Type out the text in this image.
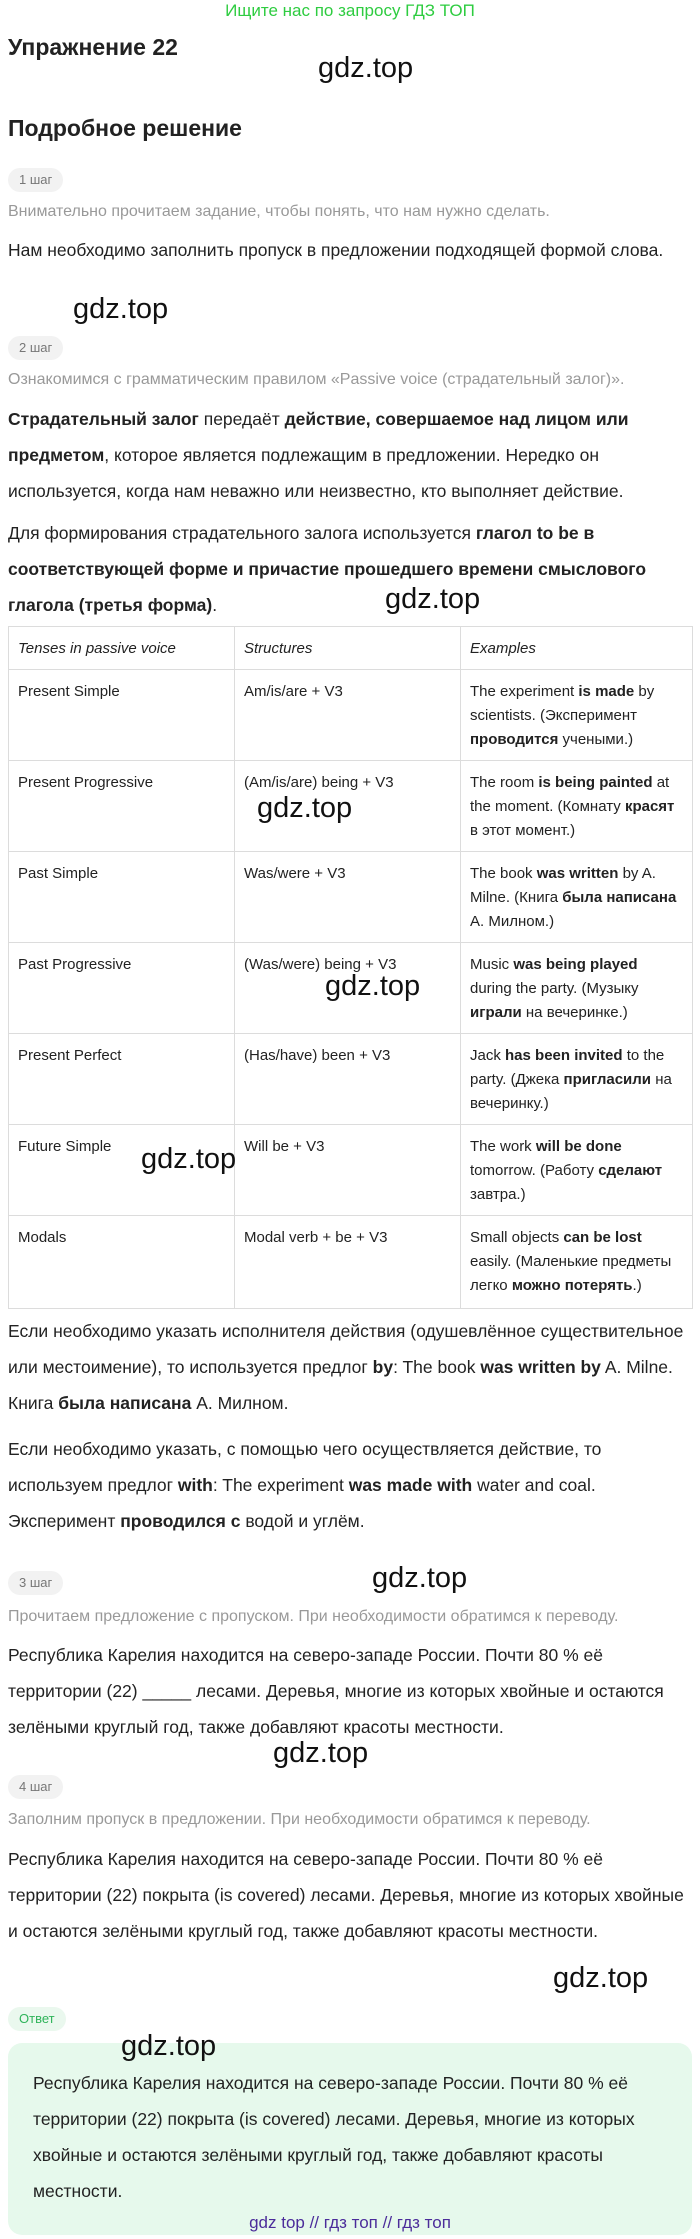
Ищите нас по запросу ГДЗ ТОП
Упражнение 22
gdz.top
Подробное решение
1 шаг
Внимательно прочитаем задание, чтобы понять, что нам нужно сделать.

Нам необходимо заполнить пропуск в предложении подходящей формой слова.

gdz.top
2 шаг
Ознакомимся с грамматическим правилом «Passive voice (страдательный залог)».

Страдательный залог передаёт действие, совершаемое над лицом или предметом, которое является подлежащим в предложении. Нередко он используется, когда нам неважно или неизвестно, кто выполняет действие.

Для формирования страдательного залога используется глагол to be в соответствующей форме и причастие прошедшего времени смыслового глагола (третья форма).	gdz.top
Tenses in passive voice	Structures	Examples
Present Simple	Am/is/are + V3	The experiment is made by scientists. (Эксперимент проводится учеными.)
Present Progressive	(Am/is/are) being + V3	The room is being painted at the moment. (Комнату красят в этот момент.)
Past Simple	Was/were + V3	The book was written by A. Milne. (Книга была написана А. Милном.)
Past Progressive	(Was/were) being + V3	Music was being played during the party. (Музыку играли на вечеринке.)
Present Perfect	(Has/have) been + V3	Jack has been invited to the party. (Джека пригласили на вечеринку.)
Future Simple	Will be + V3	The work will be done tomorrow. (Работу сделают завтра.)
Modals	Modal verb + be + V3	Small objects can be lost easily. (Маленькие предметы легко можно потерять.)
gdz.top
gdz.top
gdz.top

Если необходимо указать исполнителя действия (одушевлённое существительное или местоимение), то используется предлог by: The book was written by A. Milne. Книга была написана А. Милном.

Если необходимо указать, с помощью чего осуществляется действие, то используем предлог with: The experiment was made with water and coal. Эксперимент проводился с водой и углём.

3 шаг	gdz.top
Прочитаем предложение с пропуском. При необходимости обратимся к переводу.

Республика Карелия находится на северо-западе России. Почти 80 % её территории (22) _____ лесами. Деревья, многие из которых хвойные и остаются зелёными круглый год, также добавляют красоты местности.

gdz.top
4 шаг
Заполним пропуск в предложении. При необходимости обратимся к переводу.

Республика Карелия находится на северо-западе России. Почти 80 % её территории (22) покрыта (is covered) лесами. Деревья, многие из которых хвойные и остаются зелёными круглый год, также добавляют красоты местности.

gdz.top
Ответ
Республика Карелия находится на северо-западе России. Почти 80 % её территории (22) покрыта (is covered) лесами. Деревья, многие из которых хвойные и остаются зелёными круглый год, также добавляют красоты местности.
gdz.top
gdz top // гдз топ // гдз топ
